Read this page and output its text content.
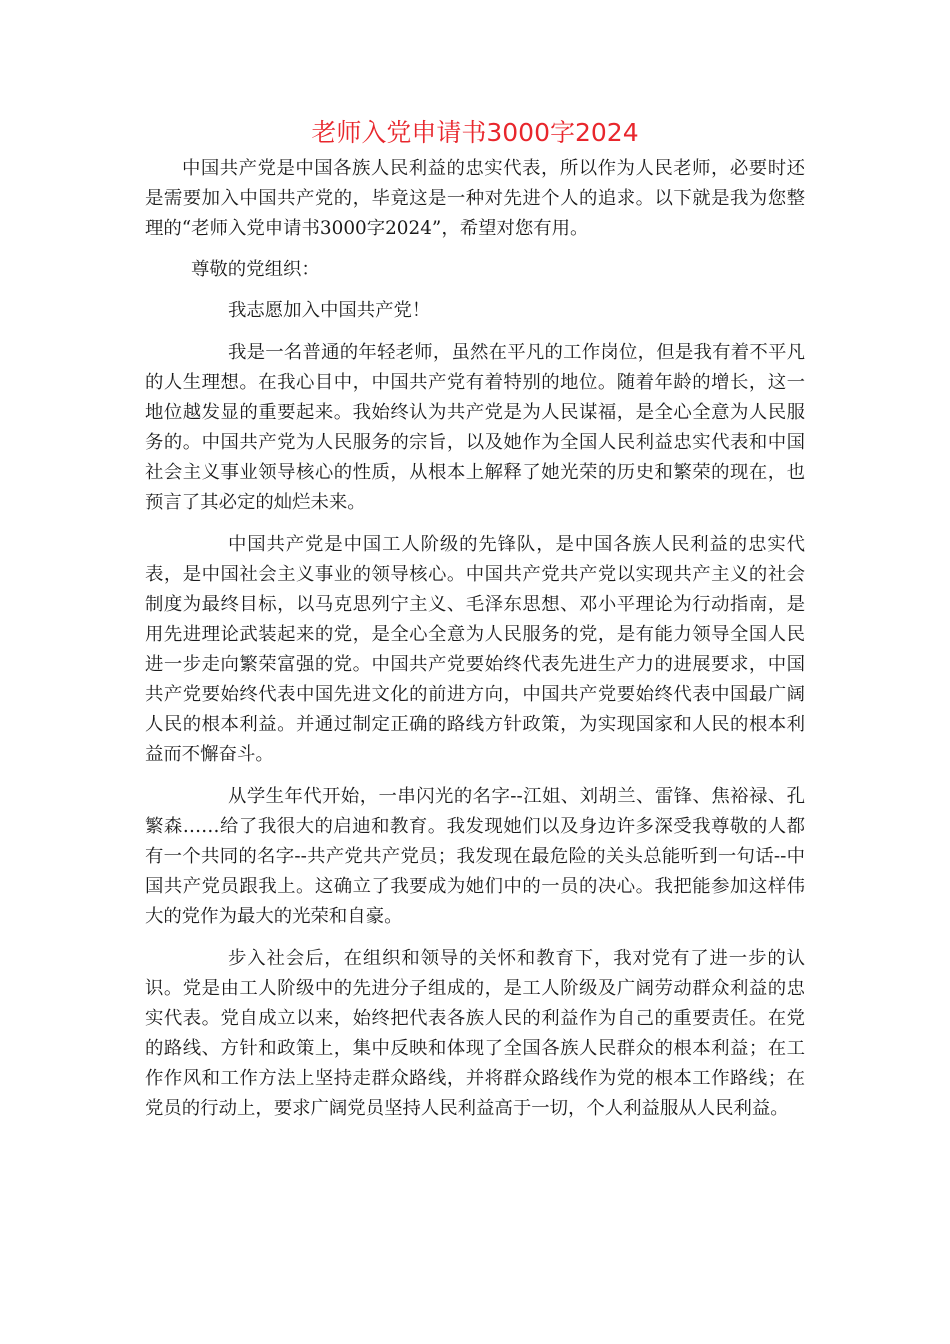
老师入党申请书3000字2024

中国共产党是中国各族人民利益的忠实代表，所以作为人民老师，必要时还是需要加入中国共产党的，毕竟这是一种对先进个人的追求。以下就是我为您整理的“老师入党申请书3000字2024”，希望对您有用。

尊敬的党组织：

我志愿加入中国共产党！

我是一名普通的年轻老师，虽然在平凡的工作岗位，但是我有着不平凡的人生理想。在我心目中，中国共产党有着特别的地位。随着年龄的增长，这一地位越发显的重要起来。我始终认为共产党是为人民谋福，是全心全意为人民服务的。中国共产党为人民服务的宗旨，以及她作为全国人民利益忠实代表和中国社会主义事业领导核心的性质，从根本上解释了她光荣的历史和繁荣的现在，也预言了其必定的灿烂未来。

中国共产党是中国工人阶级的先锋队，是中国各族人民利益的忠实代表，是中国社会主义事业的领导核心。中国共产党共产党以实现共产主义的社会制度为最终目标，以马克思列宁主义、毛泽东思想、邓小平理论为行动指南，是用先进理论武装起来的党，是全心全意为人民服务的党，是有能力领导全国人民进一步走向繁荣富强的党。中国共产党要始终代表先进生产力的进展要求，中国共产党要始终代表中国先进文化的前进方向，中国共产党要始终代表中国最广阔人民的根本利益。并通过制定正确的路线方针政策，为实现国家和人民的根本利益而不懈奋斗。

从学生年代开始，一串闪光的名字--江姐、刘胡兰、雷锋、焦裕禄、孔繁森……给了我很大的启迪和教育。我发现她们以及身边许多深受我尊敬的人都有一个共同的名字--共产党共产党员；我发现在最危险的关头总能听到一句话--中国共产党员跟我上。这确立了我要成为她们中的一员的决心。我把能参加这样伟大的党作为最大的光荣和自豪。

步入社会后，在组织和领导的关怀和教育下，我对党有了进一步的认识。党是由工人阶级中的先进分子组成的，是工人阶级及广阔劳动群众利益的忠实代表。党自成立以来，始终把代表各族人民的利益作为自己的重要责任。在党的路线、方针和政策上，集中反映和体现了全国各族人民群众的根本利益；在工作作风和工作方法上坚持走群众路线，并将群众路线作为党的根本工作路线；在党员的行动上，要求广阔党员坚持人民利益高于一切，个人利益服从人民利益。
